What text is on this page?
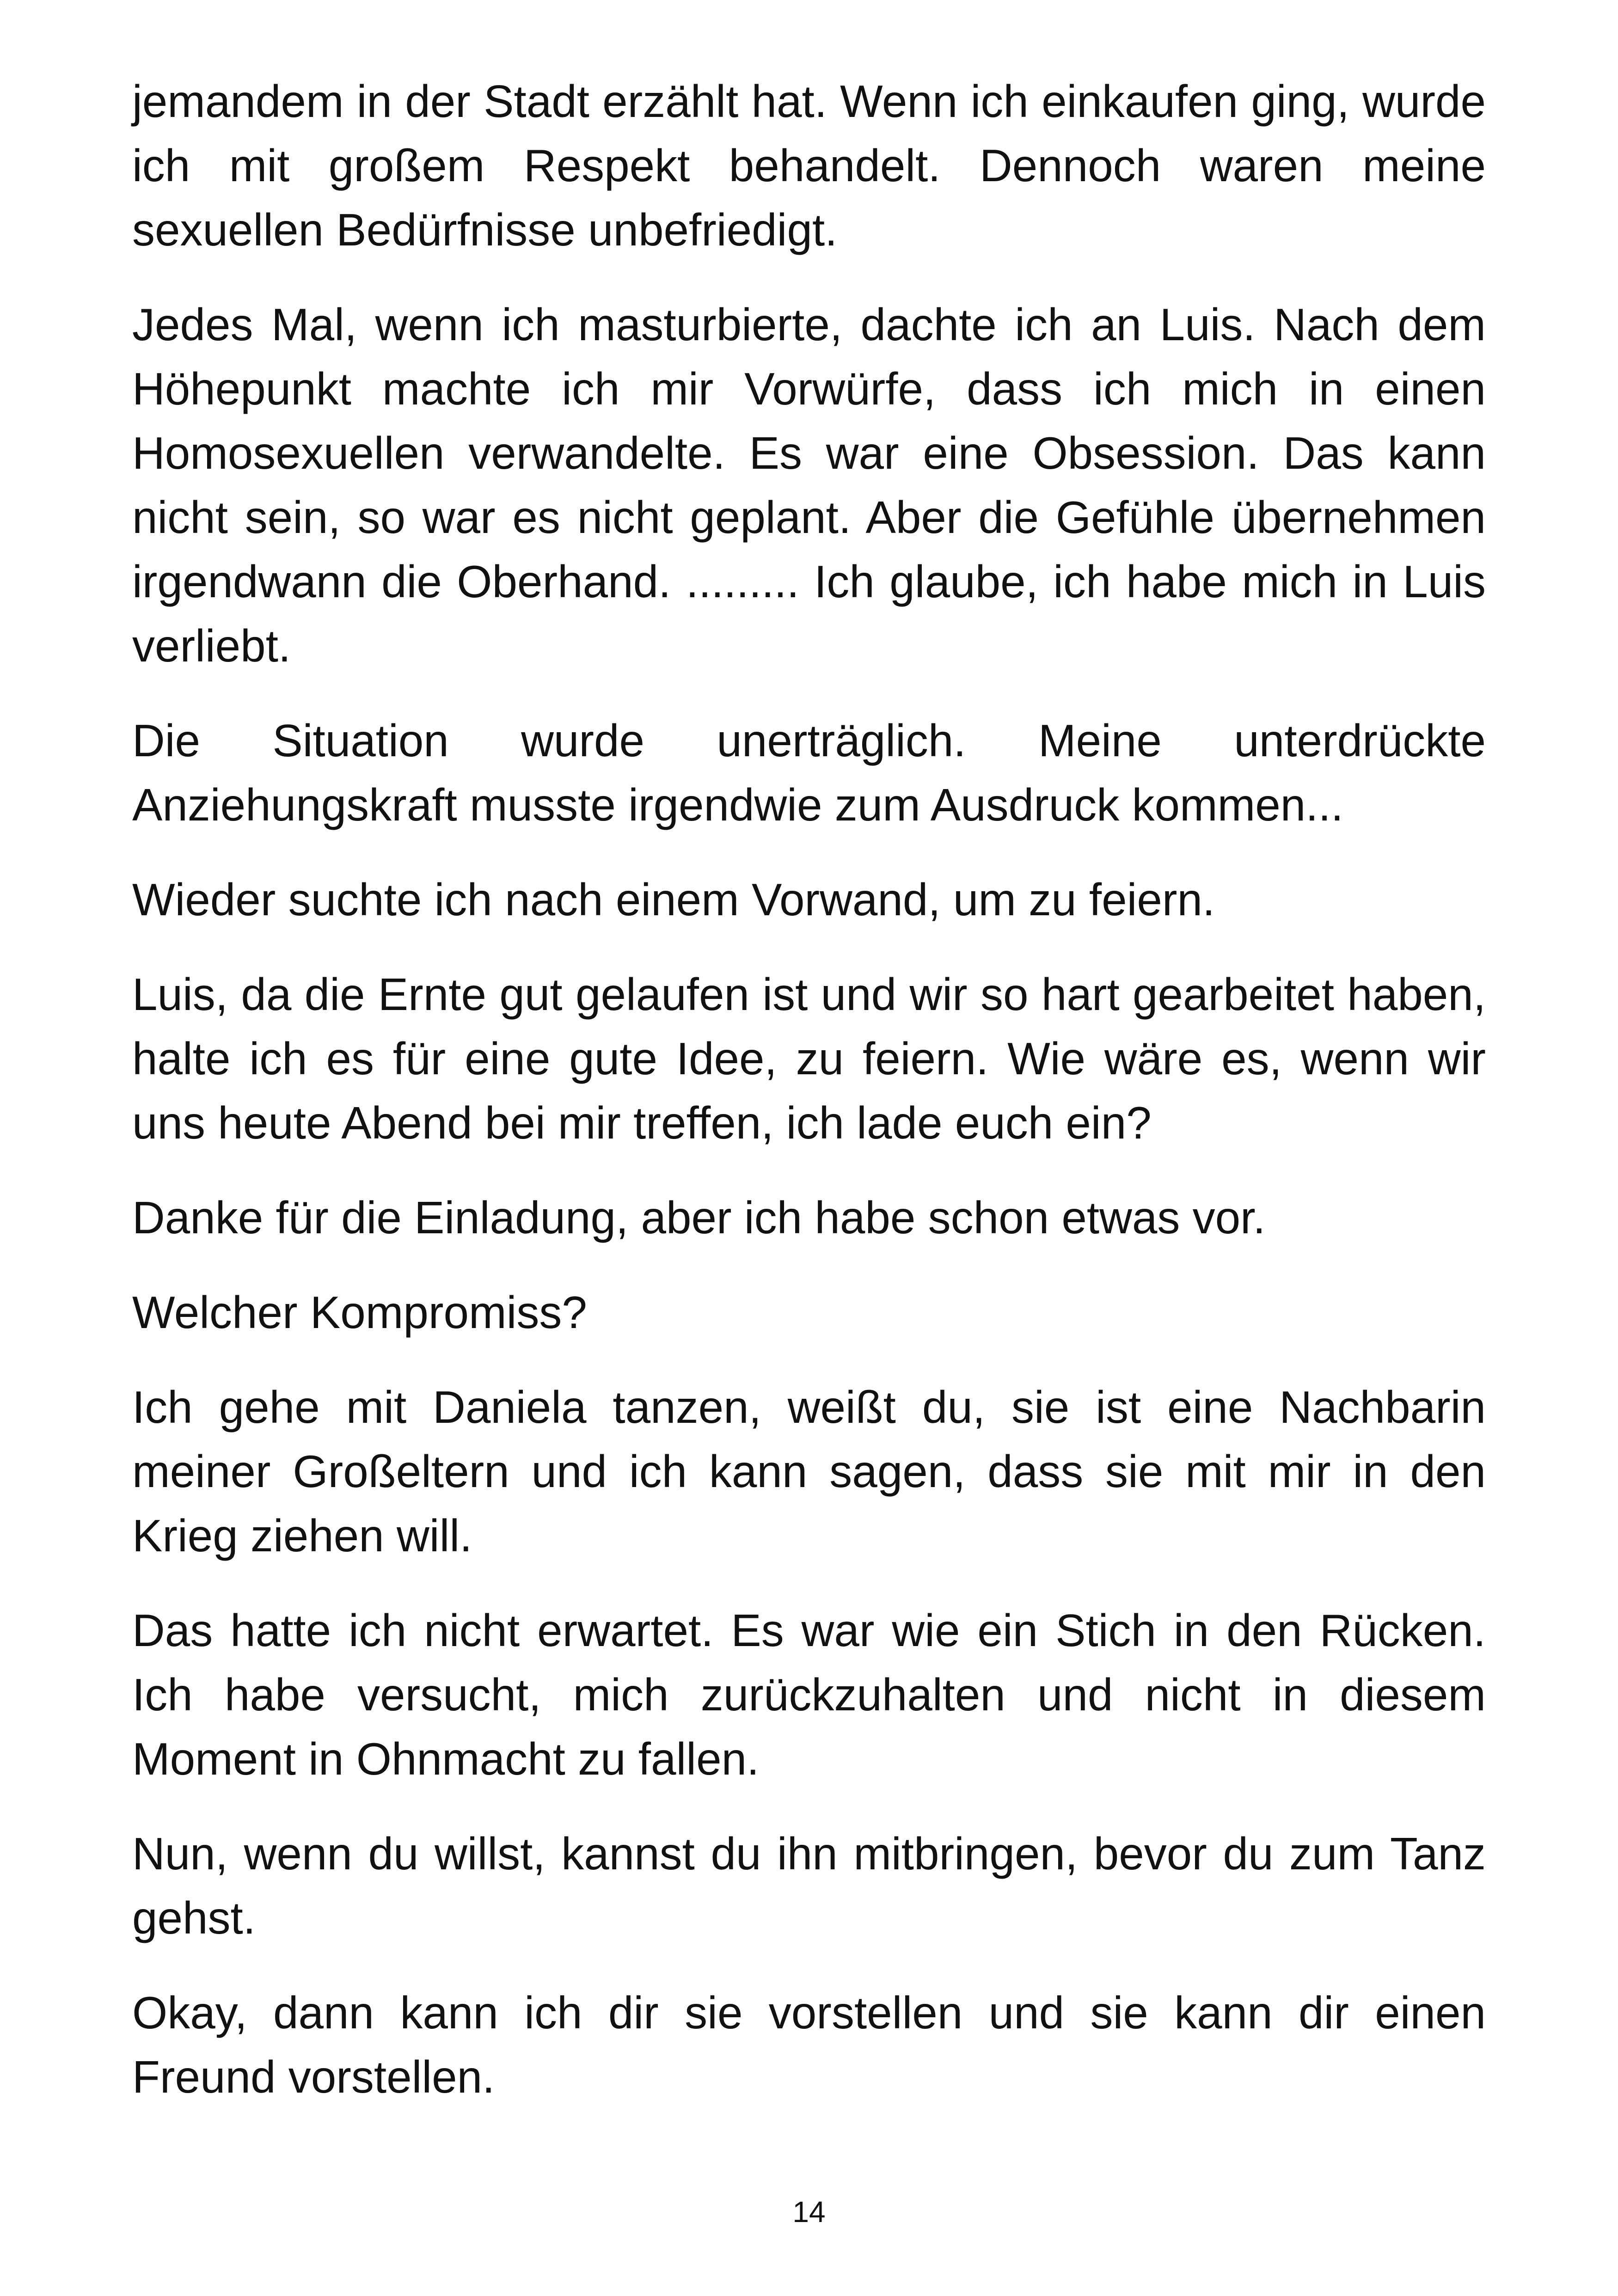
jemandem in der Stadt erzählt hat. Wenn ich einkaufen ging, wurde ich mit großem Respekt behandelt. Dennoch waren meine sexuellen Bedürfnisse unbefriedigt.

Jedes Mal, wenn ich masturbierte, dachte ich an Luis. Nach dem Höhepunkt machte ich mir Vorwürfe, dass ich mich in einen Homosexuellen verwandelte. Es war eine Obsession. Das kann nicht sein, so war es nicht geplant. Aber die Gefühle übernehmen irgendwann die Oberhand. ......... Ich glaube, ich habe mich in Luis verliebt.

Die Situation wurde unerträglich. Meine unterdrückte Anziehungskraft musste irgendwie zum Ausdruck kommen...

Wieder suchte ich nach einem Vorwand, um zu feiern.

Luis, da die Ernte gut gelaufen ist und wir so hart gearbeitet haben, halte ich es für eine gute Idee, zu feiern. Wie wäre es, wenn wir uns heute Abend bei mir treffen, ich lade euch ein?

Danke für die Einladung, aber ich habe schon etwas vor.

Welcher Kompromiss?

Ich gehe mit Daniela tanzen, weißt du, sie ist eine Nachbarin meiner Großeltern und ich kann sagen, dass sie mit mir in den Krieg ziehen will.

Das hatte ich nicht erwartet. Es war wie ein Stich in den Rücken. Ich habe versucht, mich zurückzuhalten und nicht in diesem Moment in Ohnmacht zu fallen.

Nun, wenn du willst, kannst du ihn mitbringen, bevor du zum Tanz gehst.

Okay, dann kann ich dir sie vorstellen und sie kann dir einen Freund vorstellen.

14
